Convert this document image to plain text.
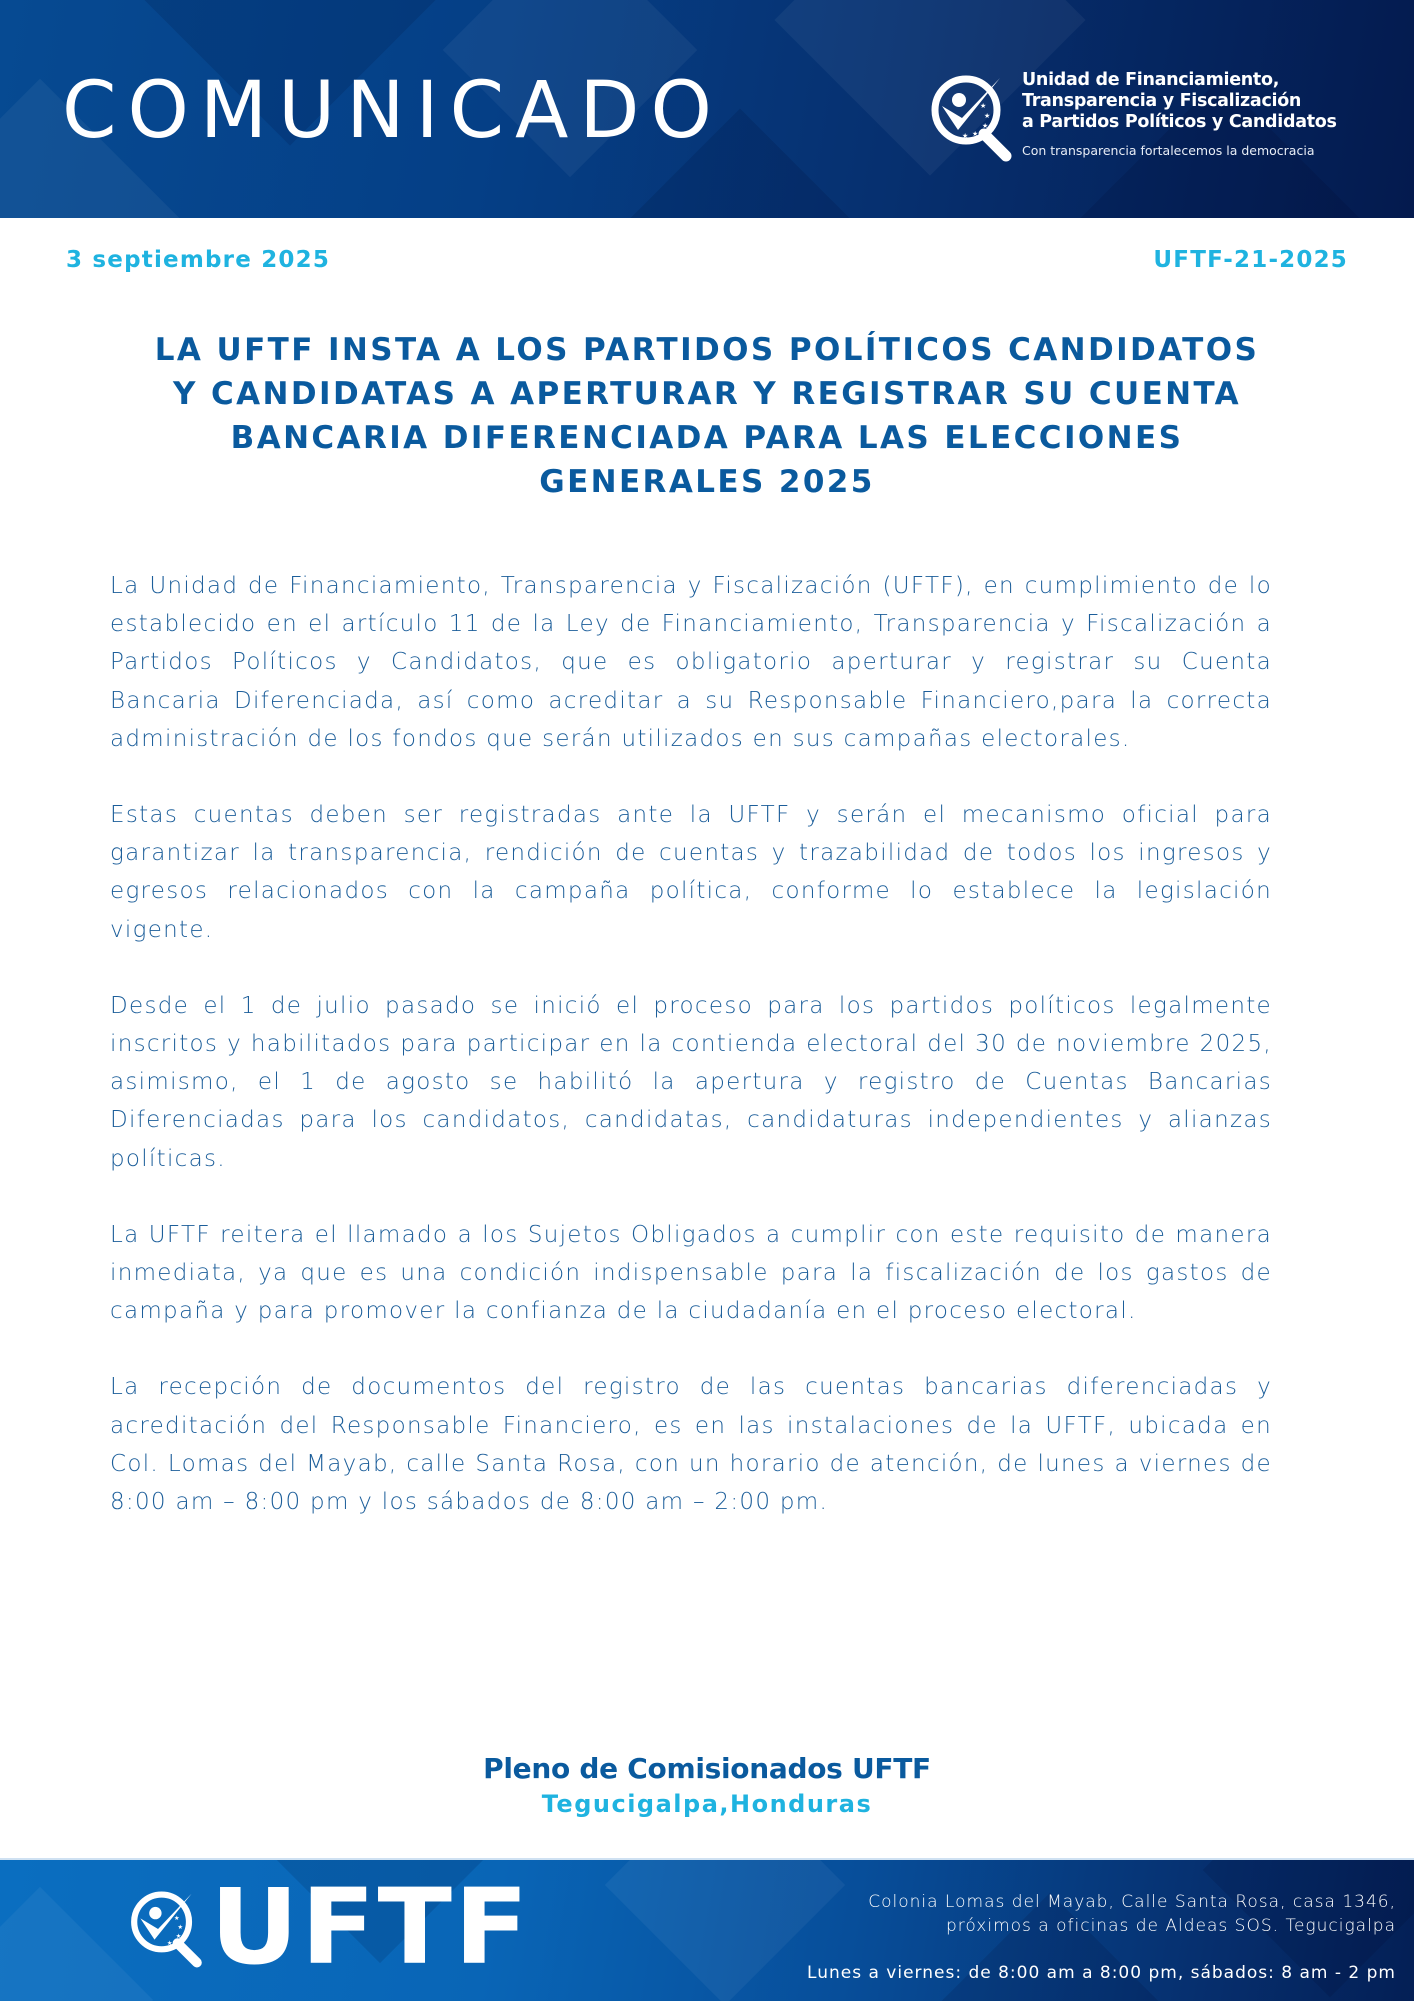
COMUNICADO	★
★
★
★
★
Unidad de Financiamiento,
Transparencia y Fiscalización
a Partidos Políticos y Candidatos
Con transparencia fortalecemos la democracia
3 septiembre 2025	UFTF-21-2025
LA UFTF INSTA A LOS PARTIDOS POLÍTICOS CANDIDATOS
Y CANDIDATAS A APERTURAR Y REGISTRAR SU CUENTA
BANCARIA DIFERENCIADA PARA LAS ELECCIONES
GENERALES 2025

La Unidad de Financiamiento, Transparencia y Fiscalización (UFTF), en cumplimiento de lo establecido en el artículo 11 de la Ley de Financiamiento, Transparencia y Fiscalización a Partidos Políticos y Candidatos, que es obligatorio aperturar y registrar su Cuenta Bancaria Diferenciada, así como acreditar a su Responsable Financiero,para la correcta administración de los fondos que serán utilizados en sus campañas electorales.

Estas cuentas deben ser registradas ante la UFTF y serán el mecanismo oficial para garantizar la transparencia, rendición de cuentas y trazabilidad de todos los ingresos y egresos relacionados con la campaña política, conforme lo establece la legislación vigente.

Desde el 1 de julio pasado se inició el proceso para los partidos políticos legalmente inscritos y habilitados para participar en la contienda electoral del 30 de noviembre 2025, asimismo, el 1 de agosto se habilitó la apertura y registro de Cuentas Bancarias Diferenciadas para los candidatos, candidatas, candidaturas independientes y alianzas políticas.

La UFTF reitera el llamado a los Sujetos Obligados a cumplir con este requisito de manera inmediata, ya que es una condición indispensable para la fiscalización de los gastos de campaña y para promover la confianza de la ciudadanía en el proceso electoral.

La recepción de documentos del registro de las cuentas bancarias diferenciadas y acreditación del Responsable Financiero, es en las instalaciones de la UFTF, ubicada en Col. Lomas del Mayab, calle Santa Rosa, con un horario de atención, de lunes a viernes de 8:00 am – 8:00 pm y los sábados de 8:00 am – 2:00 pm.

Pleno de Comisionados UFTF
Tegucigalpa,Honduras
★
★
★
★ UFTF	Colonia Lomas del Mayab, Calle Santa Rosa, casa 1346,
próximos a oficinas de Aldeas SOS. Tegucigalpa
Lunes a viernes: de 8:00 am a 8:00 pm, sábados: 8 am - 2 pm
